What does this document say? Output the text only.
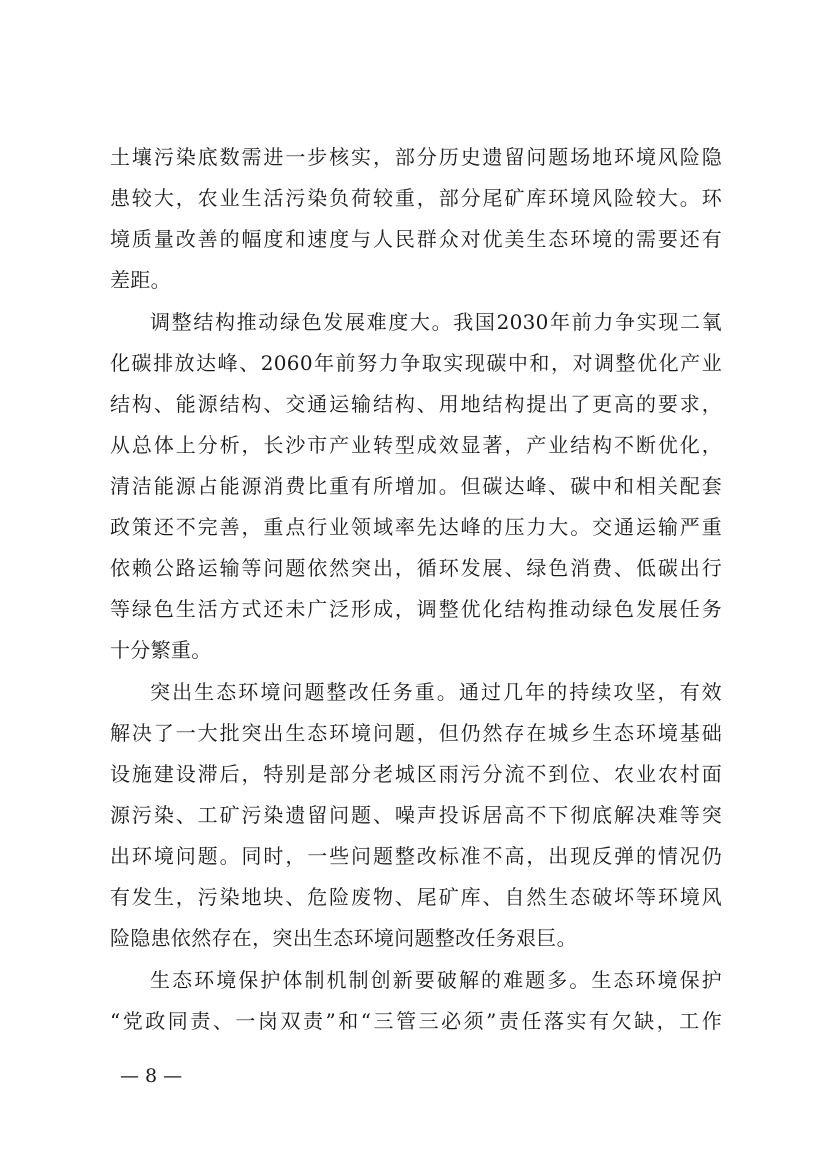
土壤污染底数需进一步核实，部分历史遗留问题场地环境风险隐
患较大，农业生活污染负荷较重，部分尾矿库环境风险较大。环
境质量改善的幅度和速度与人民群众对优美生态环境的需要还有
差距。
调整结构推动绿色发展难度大。我国2030年前力争实现二氧
化碳排放达峰、2060年前努力争取实现碳中和，对调整优化产业
结构、能源结构、交通运输结构、用地结构提出了更高的要求，
从总体上分析，长沙市产业转型成效显著，产业结构不断优化，
清洁能源占能源消费比重有所增加。但碳达峰、碳中和相关配套
政策还不完善，重点行业领域率先达峰的压力大。交通运输严重
依赖公路运输等问题依然突出，循环发展、绿色消费、低碳出行
等绿色生活方式还未广泛形成，调整优化结构推动绿色发展任务
十分繁重。
突出生态环境问题整改任务重。通过几年的持续攻坚，有效
解决了一大批突出生态环境问题，但仍然存在城乡生态环境基础
设施建设滞后，特别是部分老城区雨污分流不到位、农业农村面
源污染、工矿污染遗留问题、噪声投诉居高不下彻底解决难等突
出环境问题。同时，一些问题整改标准不高，出现反弹的情况仍
有发生，污染地块、危险废物、尾矿库、自然生态破坏等环境风
险隐患依然存在，突出生态环境问题整改任务艰巨。
生态环境保护体制机制创新要破解的难题多。生态环境保护
“党政同责、一岗双责”和“三管三必须”责任落实有欠缺，工作
— 8 —
